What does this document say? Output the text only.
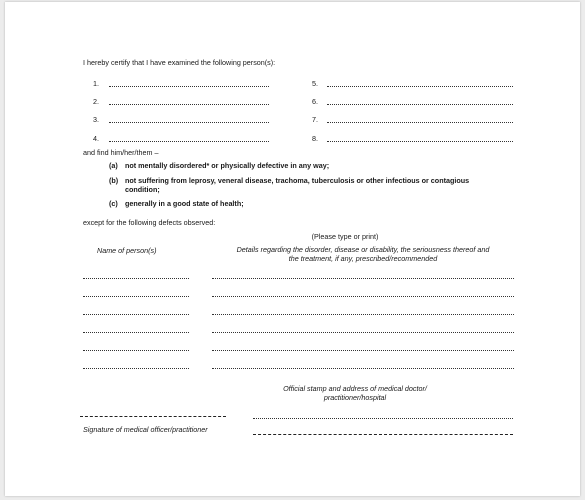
I hereby certify that I have examined the following person(s):
1.
2.
3.
4.
5.
6.
7.
8.
and find him/her/them –
(a) not mentally disordered* or physically defective in any way;
(b) not suffering from leprosy, veneral disease, trachoma, tuberculosis or other infectious or contagious
condition;
(c) generally in a good state of health;
except for the following defects observed:
(Please type or print)
Name of person(s)	Details regarding the disorder, disease or disability, the seriousness thereof and
the treatment, if any, prescribed/recommended
Official stamp and address of medical doctor/
practitioner/hospital
Signature of medical officer/practitioner
